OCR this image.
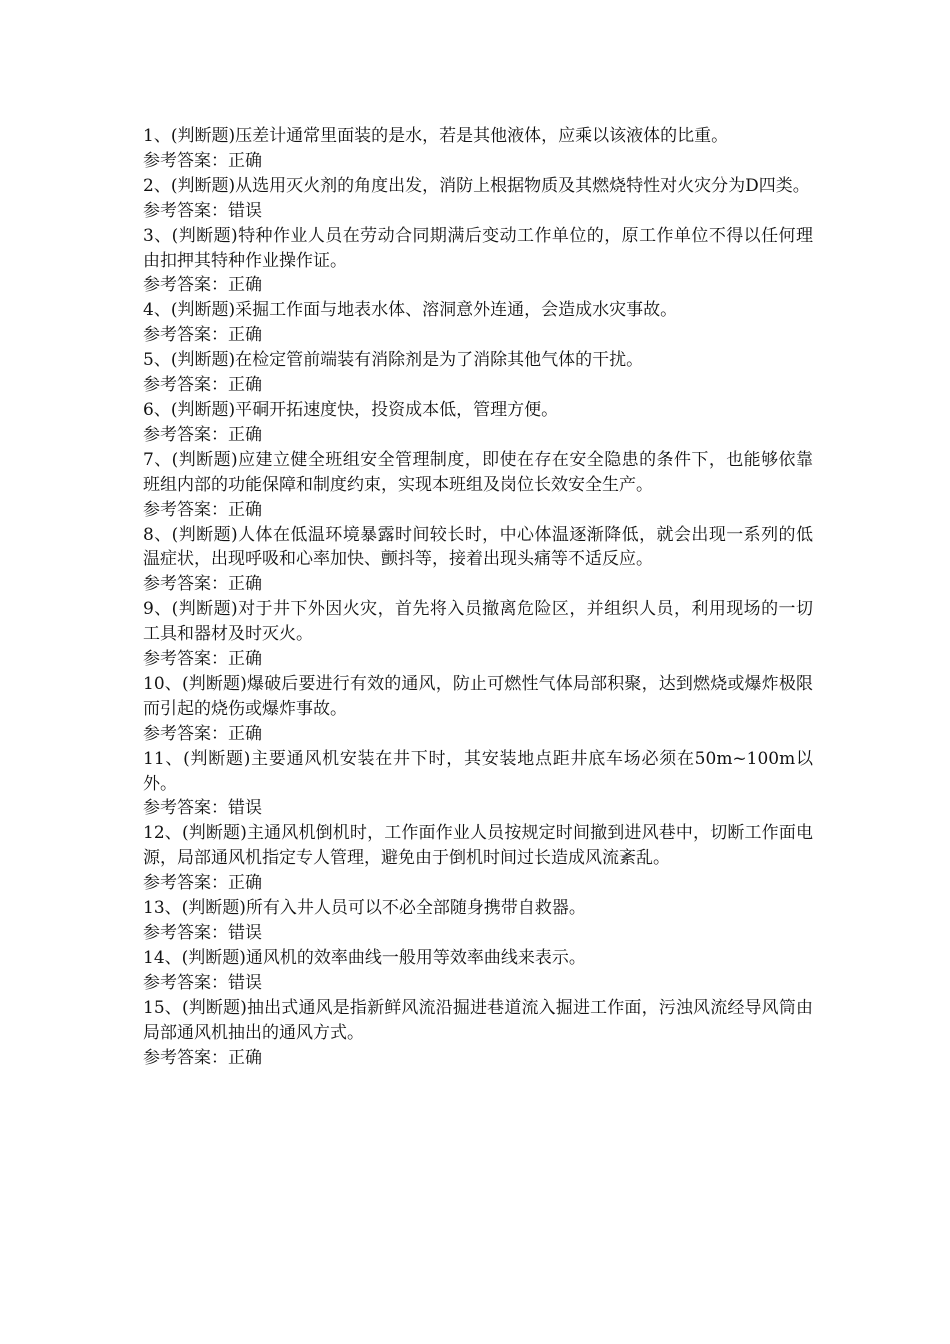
1、(判断题)压差计通常里面装的是水，若是其他液体，应乘以该液体的比重。

参考答案：正确

2、(判断题)从选用灭火剂的角度出发，消防上根据物质及其燃烧特性对火灾分为D四类。

参考答案：错误

3、(判断题)特种作业人员在劳动合同期满后变动工作单位的，原工作单位不得以任何理由扣押其特种作业操作证。

参考答案：正确

4、(判断题)采掘工作面与地表水体、溶洞意外连通，会造成水灾事故。

参考答案：正确

5、(判断题)在检定管前端装有消除剂是为了消除其他气体的干扰。

参考答案：正确

6、(判断题)平硐开拓速度快，投资成本低，管理方便。

参考答案：正确

7、(判断题)应建立健全班组安全管理制度，即使在存在安全隐患的条件下，也能够依靠班组内部的功能保障和制度约束，实现本班组及岗位长效安全生产。

参考答案：正确

8、(判断题)人体在低温环境暴露时间较长时，中心体温逐渐降低，就会出现一系列的低温症状，出现呼吸和心率加快、颤抖等，接着出现头痛等不适反应。

参考答案：正确

9、(判断题)对于井下外因火灾，首先将入员撤离危险区，并组织人员，利用现场的一切工具和器材及时灭火。

参考答案：正确

10、(判断题)爆破后要进行有效的通风，防止可燃性气体局部积聚，达到燃烧或爆炸极限而引起的烧伤或爆炸事故。

参考答案：正确

11、(判断题)主要通风机安装在井下时，其安装地点距井底车场必须在50m~100m以外。

参考答案：错误

12、(判断题)主通风机倒机时，工作面作业人员按规定时间撤到进风巷中，切断工作面电源，局部通风机指定专人管理，避免由于倒机时间过长造成风流紊乱。

参考答案：正确

13、(判断题)所有入井人员可以不必全部随身携带自救器。

参考答案：错误

14、(判断题)通风机的效率曲线一般用等效率曲线来表示。

参考答案：错误

15、(判断题)抽出式通风是指新鲜风流沿掘进巷道流入掘进工作面，污浊风流经导风筒由局部通风机抽出的通风方式。

参考答案：正确
